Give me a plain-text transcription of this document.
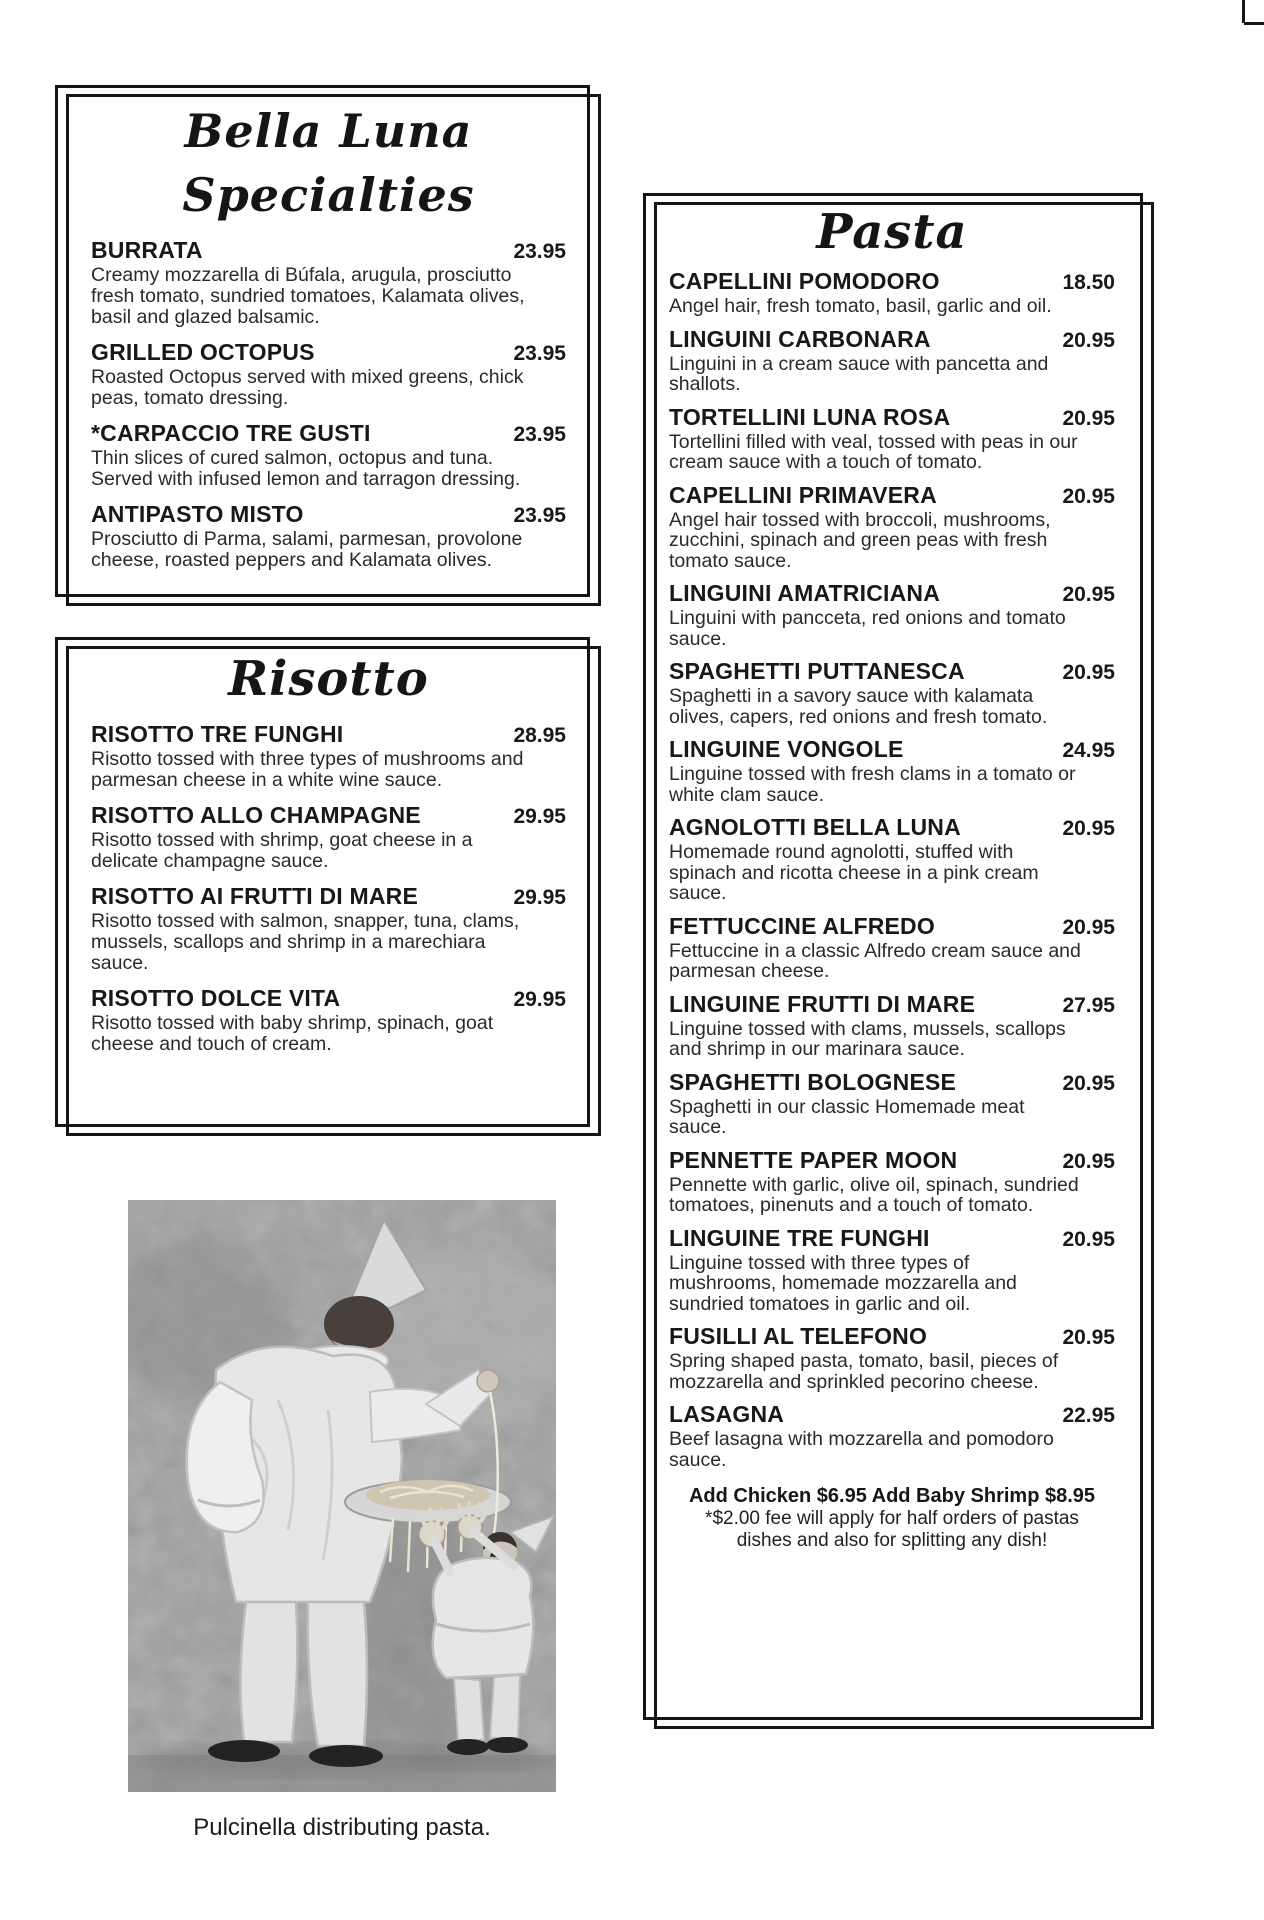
Bella Luna Specialties
BURRATA	23.95

Creamy mozzarella di Búfala, arugula, prosciutto fresh tomato, sundried tomatoes, Kalamata olives, basil and glazed balsamic.

GRILLED OCTOPUS	23.95

Roasted Octopus served with mixed greens, chick peas, tomato dressing.

*CARPACCIO TRE GUSTI	23.95

Thin slices of cured salmon, octopus and tuna. Served with infused lemon and tarragon dressing.

ANTIPASTO MISTO	23.95

Prosciutto di Parma, salami, parmesan, provolone cheese, roasted peppers and Kalamata olives.

Risotto
RISOTTO TRE FUNGHI	28.95

Risotto tossed with three types of mushrooms and parmesan cheese in a white wine sauce.

RISOTTO ALLO CHAMPAGNE	29.95

Risotto tossed with shrimp, goat cheese in a delicate champagne sauce.

RISOTTO AI FRUTTI DI MARE	29.95

Risotto tossed with salmon, snapper, tuna, clams, mussels, scallops and shrimp in a marechiara sauce.

RISOTTO DOLCE VITA	29.95

Risotto tossed with baby shrimp, spinach, goat cheese and touch of cream.

Pasta
CAPELLINI POMODORO	18.50

Angel hair, fresh tomato, basil, garlic and oil.

LINGUINI CARBONARA	20.95

Linguini in a cream sauce with pancetta and shallots.

TORTELLINI LUNA ROSA	20.95

Tortellini filled with veal, tossed with peas in our cream sauce with a touch of tomato.

CAPELLINI PRIMAVERA	20.95

Angel hair tossed with broccoli, mushrooms, zucchini, spinach and green peas with fresh tomato sauce.

LINGUINI AMATRICIANA	20.95

Linguini with pancceta, red onions and tomato sauce.

SPAGHETTI PUTTANESCA	20.95

Spaghetti in a savory sauce with kalamata olives, capers, red onions and fresh tomato.

LINGUINE VONGOLE	24.95

Linguine tossed with fresh clams in a tomato or white clam sauce.

AGNOLOTTI BELLA LUNA	20.95

Homemade round agnolotti, stuffed with spinach and ricotta cheese in a pink cream sauce.

FETTUCCINE ALFREDO	20.95

Fettuccine in a classic Alfredo cream sauce and parmesan cheese.

LINGUINE FRUTTI DI MARE	27.95

Linguine tossed with clams, mussels, scallops and shrimp in our marinara sauce.

SPAGHETTI BOLOGNESE	20.95

Spaghetti in our classic Homemade meat sauce.

PENNETTE PAPER MOON	20.95

Pennette with garlic, olive oil, spinach, sundried tomatoes, pinenuts and a touch of tomato.

LINGUINE TRE FUNGHI	20.95

Linguine tossed with three types of mushrooms, homemade mozzarella and sundried tomatoes in garlic and oil.

FUSILLI AL TELEFONO	20.95

Spring shaped pasta, tomato, basil, pieces of mozzarella and sprinkled pecorino cheese.

LASAGNA	22.95

Beef lasagna with mozzarella and pomodoro sauce.

Add Chicken $6.95 Add Baby Shrimp $8.95
*$2.00 fee will apply for half orders of pastas
dishes and also for splitting any dish!
Pulcinella distributing pasta.
